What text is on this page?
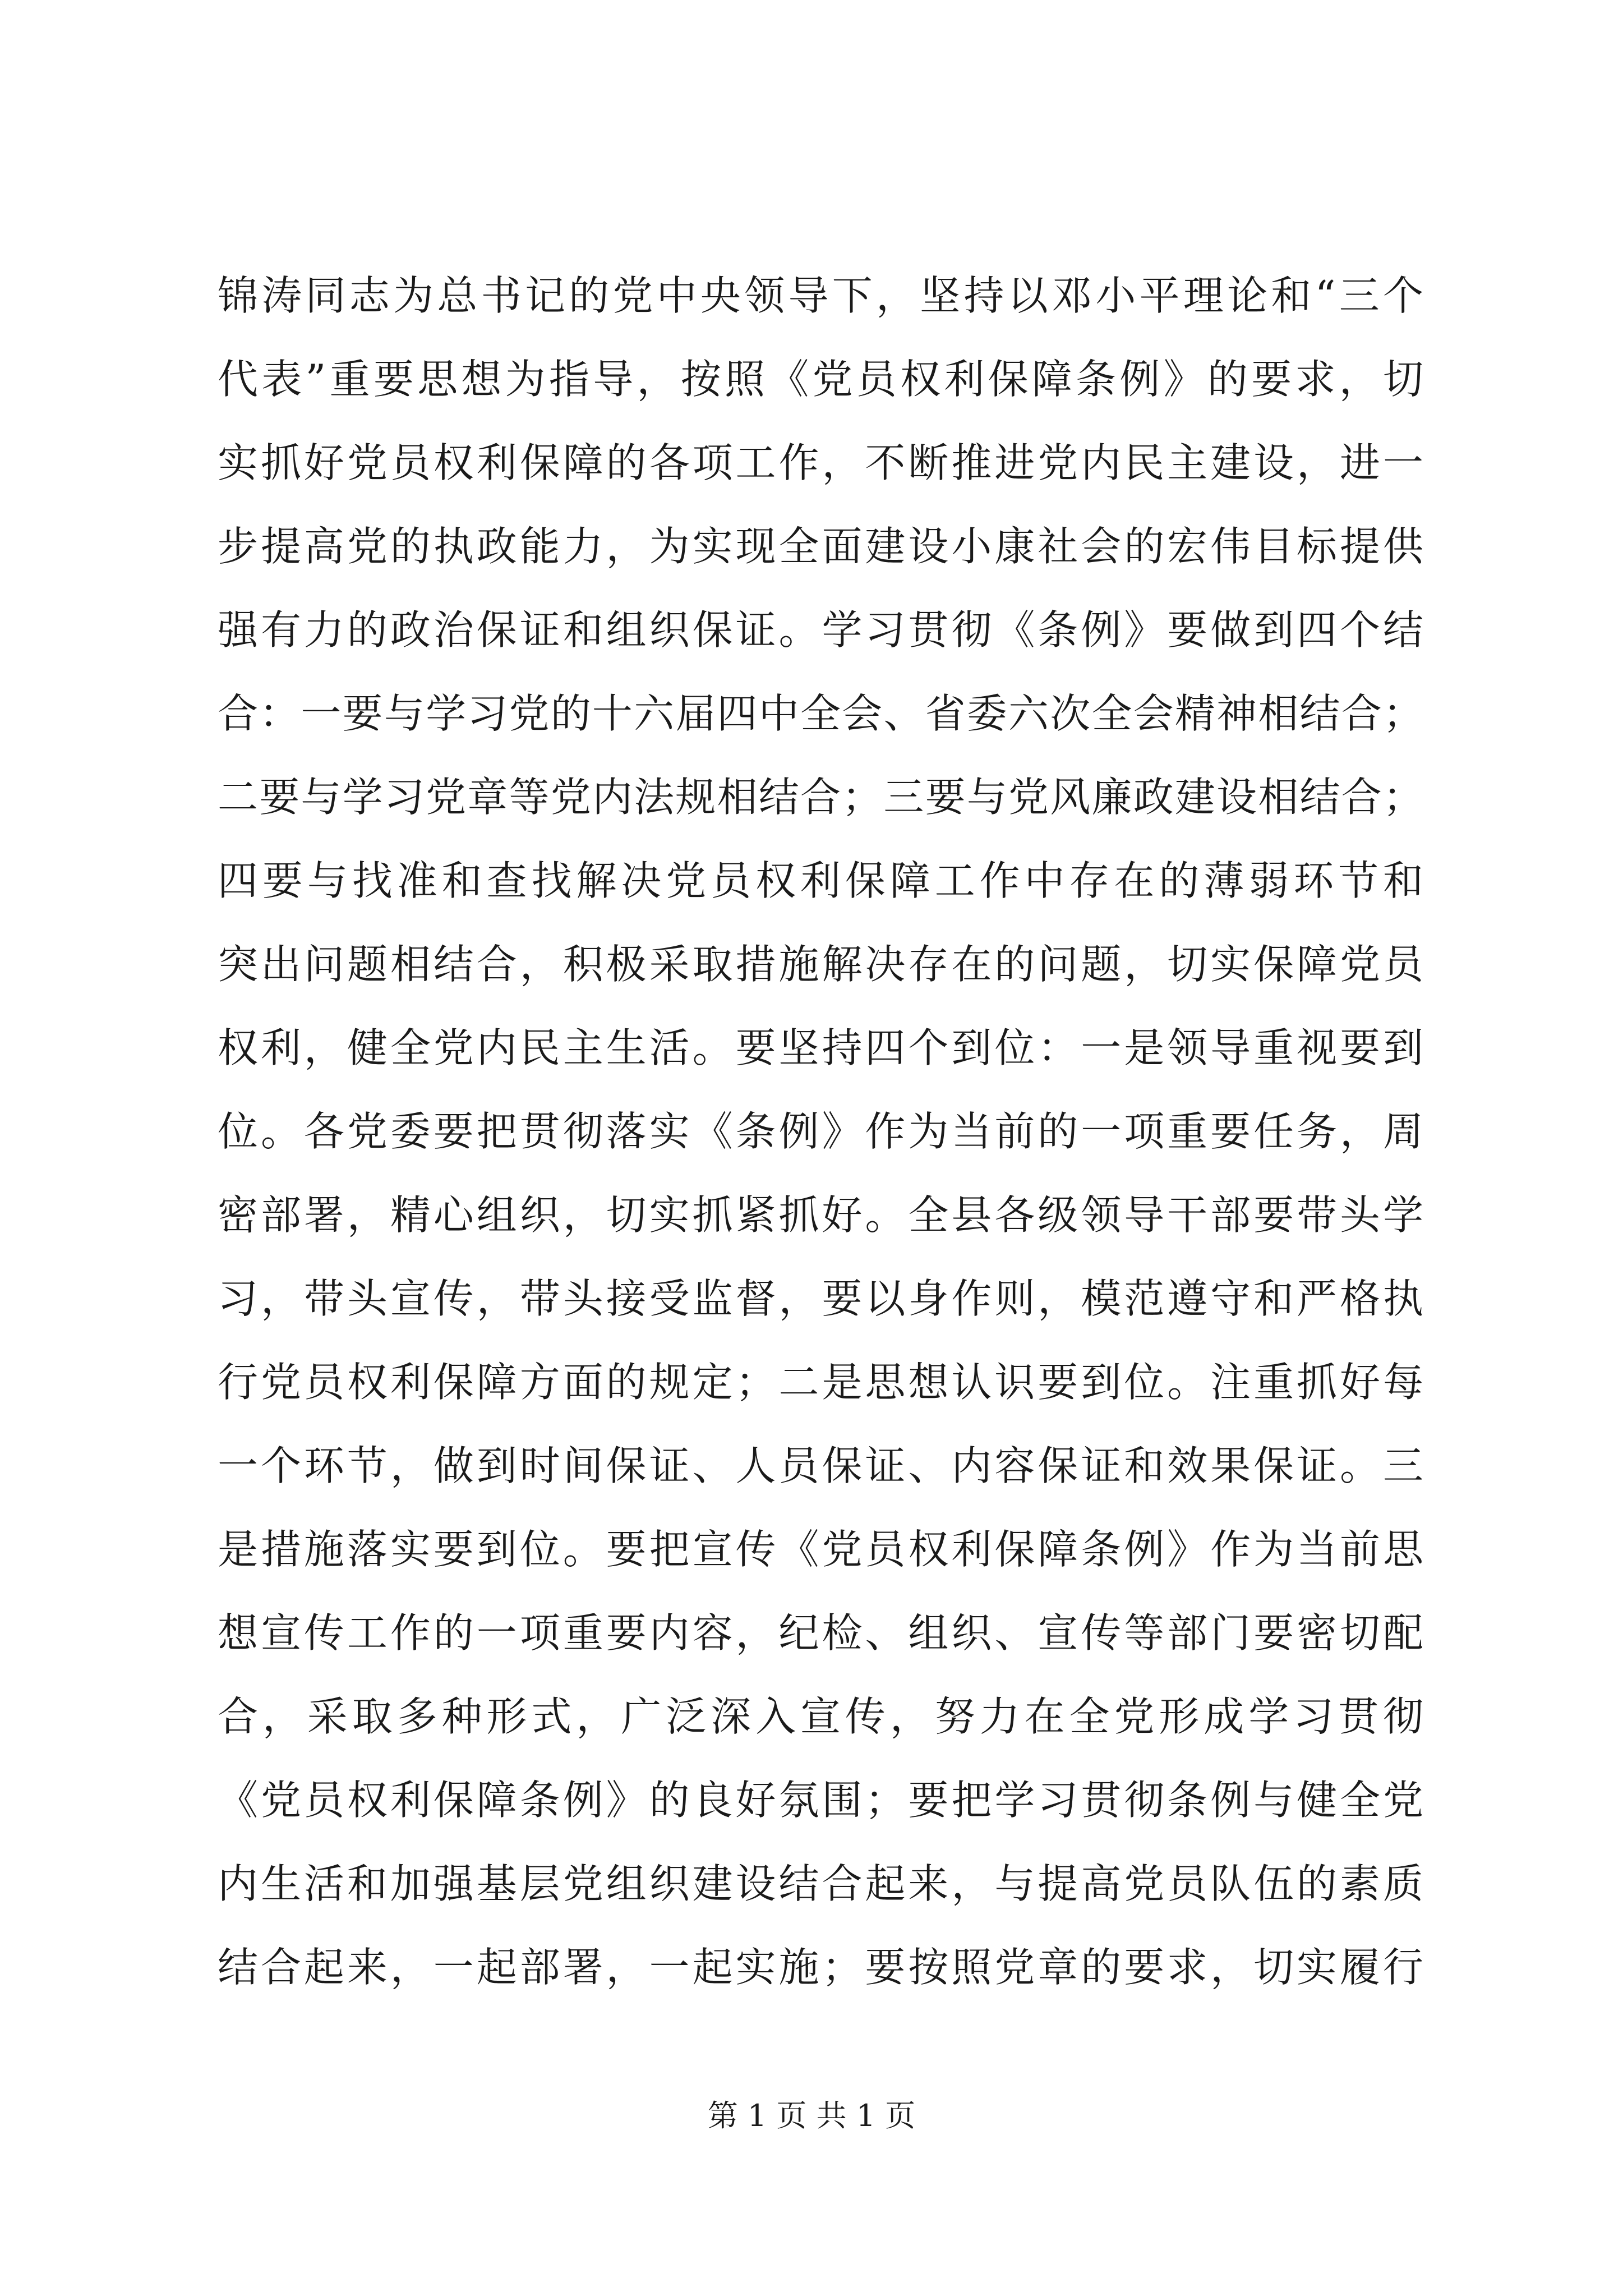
锦涛同志为总书记的党中央领导下，坚持以邓小平理论和“三个
代表”重要思想为指导，按照《党员权利保障条例》的要求，切
实抓好党员权利保障的各项工作，不断推进党内民主建设，进一
步提高党的执政能力，为实现全面建设小康社会的宏伟目标提供
强有力的政治保证和组织保证。学习贯彻《条例》要做到四个结
合：一要与学习党的十六届四中全会、省委六次全会精神相结合；
二要与学习党章等党内法规相结合；三要与党风廉政建设相结合；
四要与找准和查找解决党员权利保障工作中存在的薄弱环节和
突出问题相结合，积极采取措施解决存在的问题，切实保障党员
权利，健全党内民主生活。要坚持四个到位：一是领导重视要到
位。各党委要把贯彻落实《条例》作为当前的一项重要任务，周
密部署，精心组织，切实抓紧抓好。全县各级领导干部要带头学
习，带头宣传，带头接受监督，要以身作则，模范遵守和严格执
行党员权利保障方面的规定；二是思想认识要到位。注重抓好每
一个环节，做到时间保证、人员保证、内容保证和效果保证。三
是措施落实要到位。要把宣传《党员权利保障条例》作为当前思
想宣传工作的一项重要内容，纪检、组织、宣传等部门要密切配
合，采取多种形式，广泛深入宣传，努力在全党形成学习贯彻
《党员权利保障条例》的良好氛围；要把学习贯彻条例与健全党
内生活和加强基层党组织建设结合起来，与提高党员队伍的素质
结合起来，一起部署，一起实施；要按照党章的要求，切实履行
第 1 页 共 1 页
